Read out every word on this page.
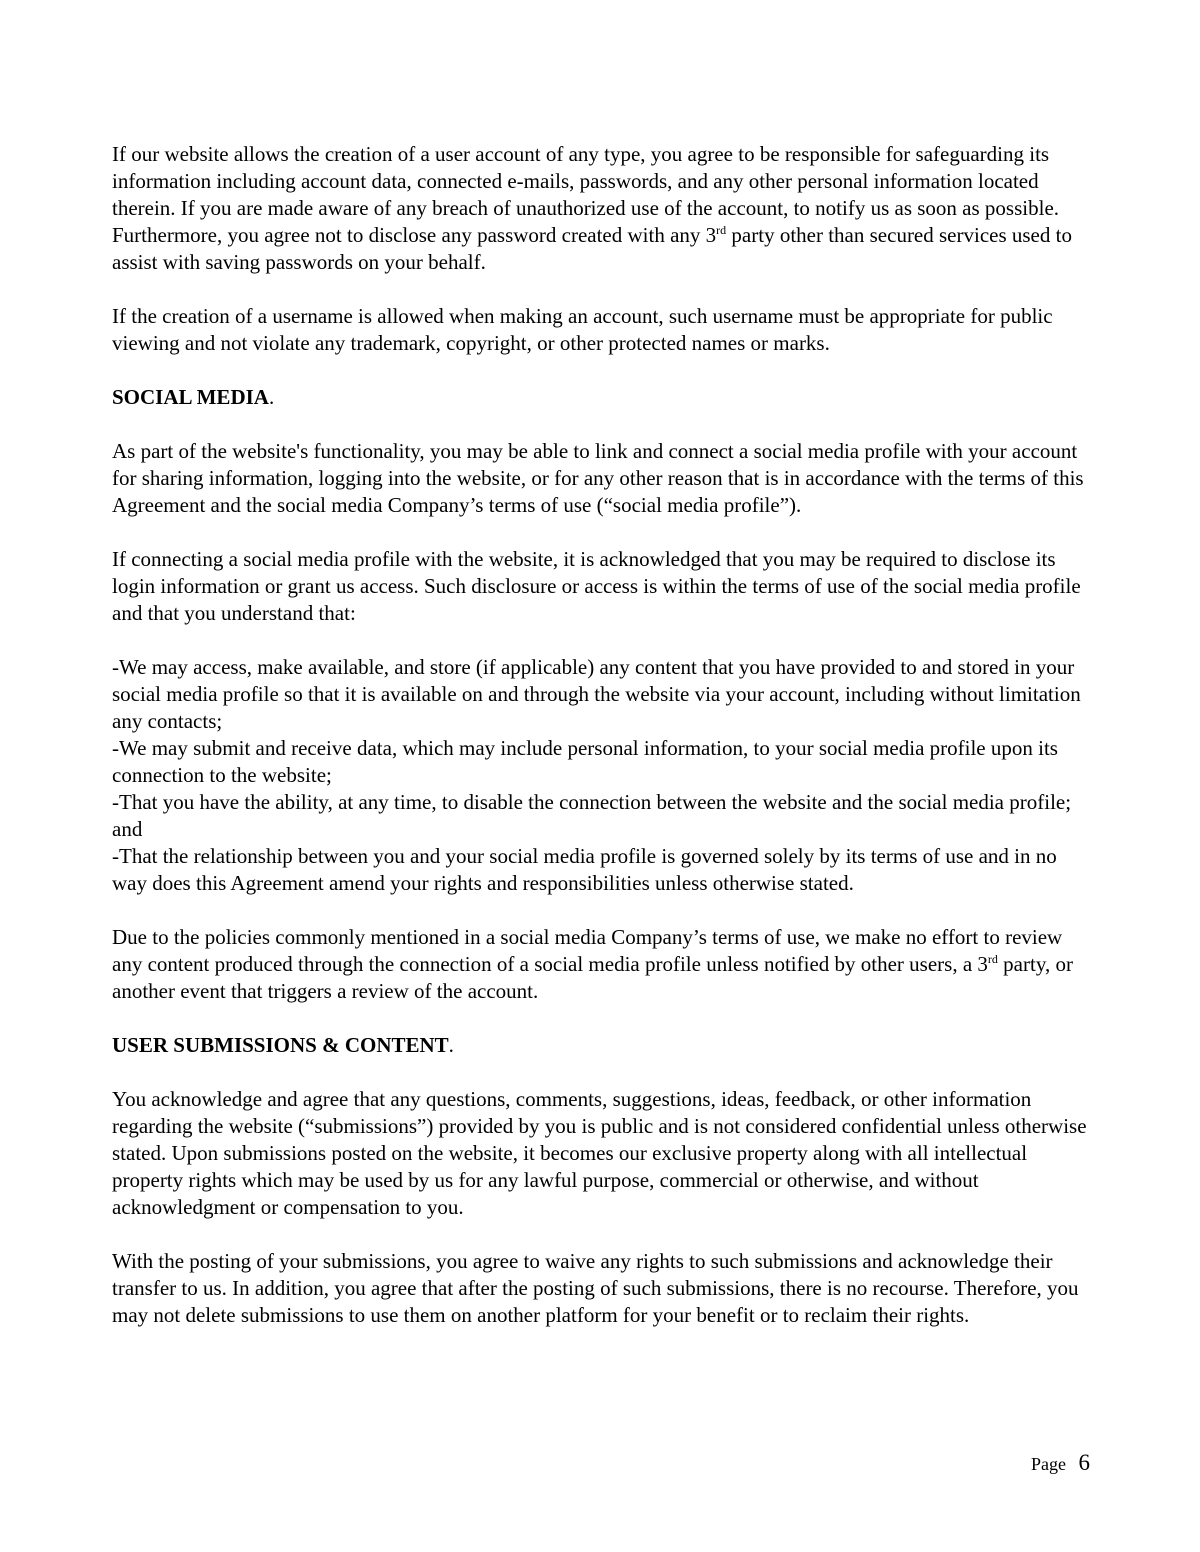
If our website allows the creation of a user account of any type, you agree to be responsible for safeguarding its information including account data, connected e-mails, passwords, and any other personal information located therein. If you are made aware of any breach of unauthorized use of the account, to notify us as soon as possible. Furthermore, you agree not to disclose any password created with any 3rd party other than secured services used to assist with saving passwords on your behalf.

If the creation of a username is allowed when making an account, such username must be appropriate for public viewing and not violate any trademark, copyright, or other protected names or marks.

SOCIAL MEDIA.

As part of the website's functionality, you may be able to link and connect a social media profile with your account for sharing information, logging into the website, or for any other reason that is in accordance with the terms of this Agreement and the social media Company’s terms of use (“social media profile”).

If connecting a social media profile with the website, it is acknowledged that you may be required to disclose its login information or grant us access. Such disclosure or access is within the terms of use of the social media profile and that you understand that:

-We may access, make available, and store (if applicable) any content that you have provided to and stored in your social media profile so that it is available on and through the website via your account, including without limitation any contacts;

-We may submit and receive data, which may include personal information, to your social media profile upon its connection to the website;

-That you have the ability, at any time, to disable the connection between the website and the social media profile; and

-That the relationship between you and your social media profile is governed solely by its terms of use and in no way does this Agreement amend your rights and responsibilities unless otherwise stated.

Due to the policies commonly mentioned in a social media Company’s terms of use, we make no effort to review any content produced through the connection of a social media profile unless notified by other users, a 3rd party, or another event that triggers a review of the account.

USER SUBMISSIONS & CONTENT.

You acknowledge and agree that any questions, comments, suggestions, ideas, feedback, or other information regarding the website (“submissions”) provided by you is public and is not considered confidential unless otherwise stated. Upon submissions posted on the website, it becomes our exclusive property along with all intellectual property rights which may be used by us for any lawful purpose, commercial or otherwise, and without acknowledgment or compensation to you.

With the posting of your submissions, you agree to waive any rights to such submissions and acknowledge their transfer to us. In addition, you agree that after the posting of such submissions, there is no recourse. Therefore, you may not delete submissions to use them on another platform for your benefit or to reclaim their rights.

Page 6
